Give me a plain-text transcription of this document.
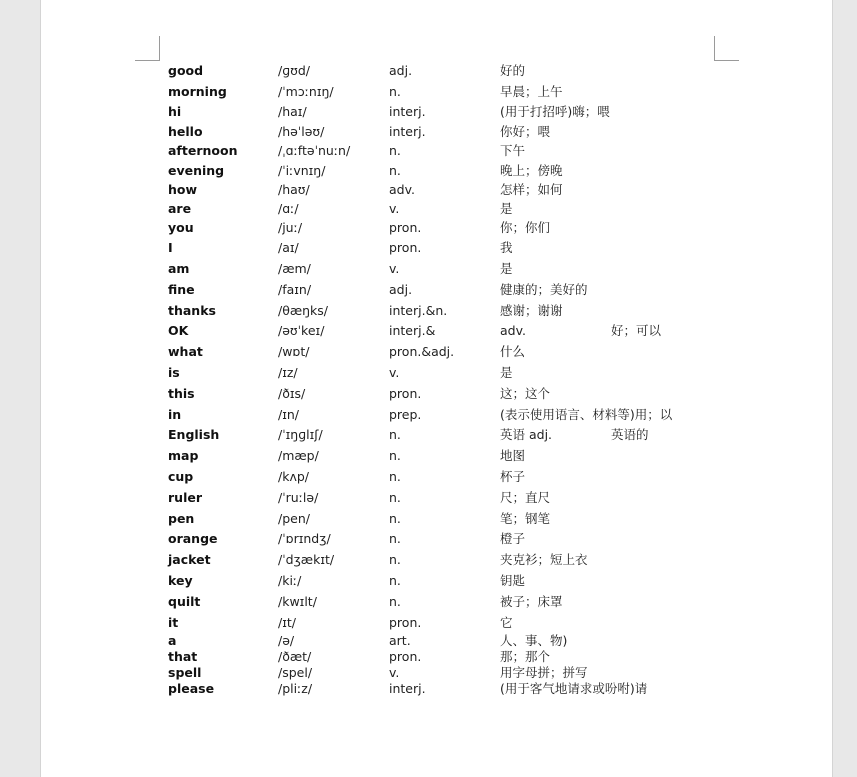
good	/ɡʊd/	adj.	好的
morning	/ˈmɔːnɪŋ/	n.	早晨；上午
hi	/haɪ/	interj.	(用于打招呼)嗨；喂
hello	/həˈləʊ/	interj.	你好；喂
afternoon	/ˌɑːftəˈnuːn/	n.	下午
evening	/ˈiːvnɪŋ/	n.	晚上；傍晚
how	/haʊ/	adv.	怎样；如何
are	/ɑː/	v.	是
you	/juː/	pron.	你；你们
I	/aɪ/	pron.	我
am	/æm/	v.	是
fine	/faɪn/	adj.	健康的；美好的
thanks	/θæŋks/	interj.&n.	感谢；谢谢
OK	/əʊˈkeɪ/	interj.&	adv.	好；可以
what	/wɒt/	pron.&adj.	什么
is	/ɪz/	v.	是
this	/ðɪs/	pron.	这；这个
in	/ɪn/	prep.	(表示使用语言、材料等)用；以
English	/ˈɪŋɡlɪʃ/	n.	英语 adj.	英语的
map	/mæp/	n.	地图
cup	/kʌp/	n.	杯子
ruler	/ˈruːlə/	n.	尺；直尺
pen	/pen/	n.	笔；钢笔
orange	/ˈɒrɪndʒ/	n.	橙子
jacket	/ˈdʒækɪt/	n.	夹克衫；短上衣
key	/kiː/	n.	钥匙
quilt	/kwɪlt/	n.	被子；床罩
it	/ɪt/	pron.	它
a	/ə/	art.	人、事、物)
that	/ðæt/	pron.	那；那个
spell	/spel/	v.	用字母拼；拼写
please	/pliːz/	interj.	(用于客气地请求或吩咐)请
